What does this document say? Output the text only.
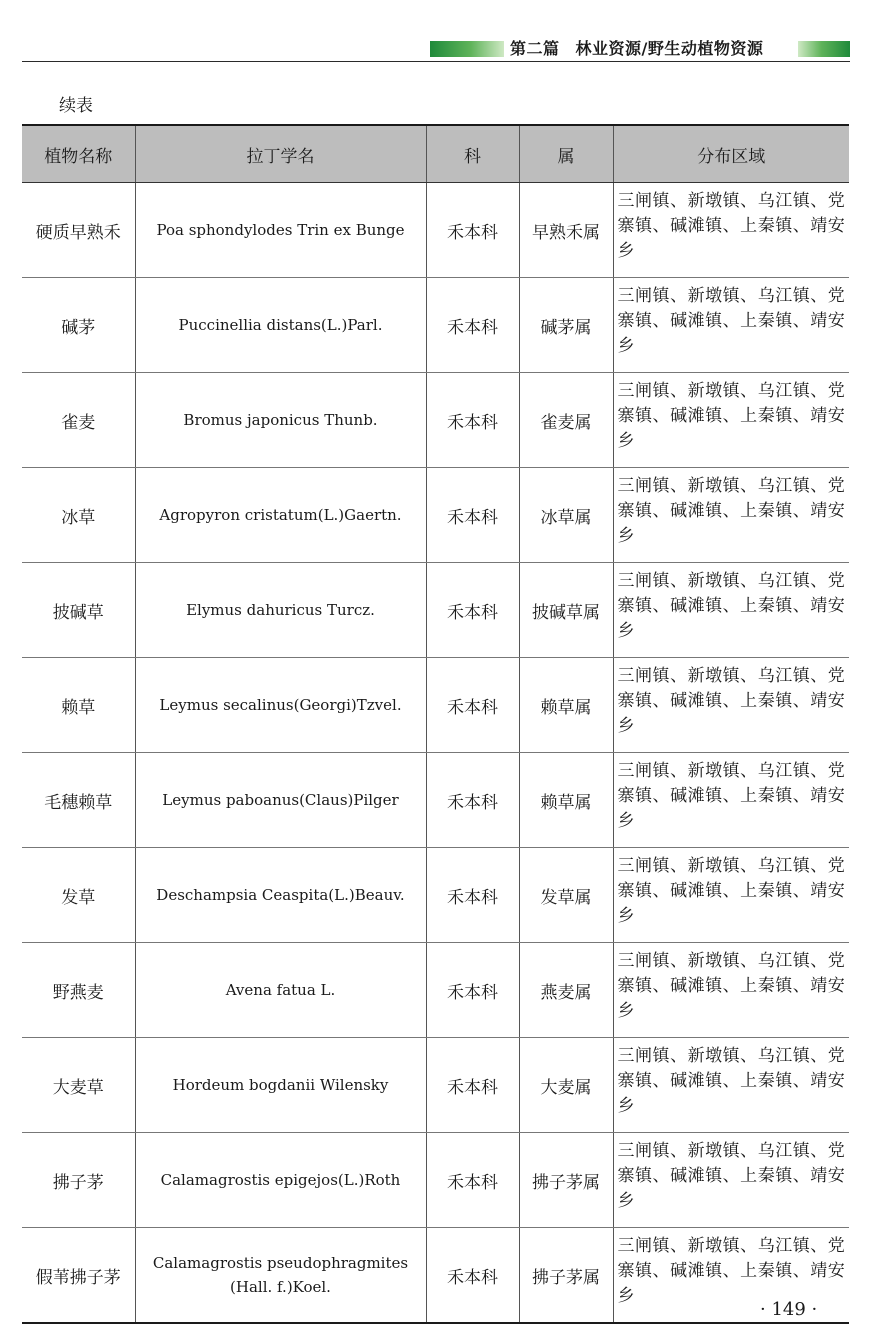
第二篇 林业资源/野生动植物资源
续表
植物名称	拉丁学名	科	属	分布区域
硬质早熟禾	Poa sphondylodes Trin ex Bunge	禾本科	早熟禾属	三闸镇、新墩镇、乌江镇、党寨镇、碱滩镇、上秦镇、靖安乡
碱茅	Puccinellia distans(L.)Parl.	禾本科	碱茅属	三闸镇、新墩镇、乌江镇、党寨镇、碱滩镇、上秦镇、靖安乡
雀麦	Bromus japonicus Thunb.	禾本科	雀麦属	三闸镇、新墩镇、乌江镇、党寨镇、碱滩镇、上秦镇、靖安乡
冰草	Agropyron cristatum(L.)Gaertn.	禾本科	冰草属	三闸镇、新墩镇、乌江镇、党寨镇、碱滩镇、上秦镇、靖安乡
披碱草	Elymus dahuricus Turcz.	禾本科	披碱草属	三闸镇、新墩镇、乌江镇、党寨镇、碱滩镇、上秦镇、靖安乡
赖草	Leymus secalinus(Georgi)Tzvel.	禾本科	赖草属	三闸镇、新墩镇、乌江镇、党寨镇、碱滩镇、上秦镇、靖安乡
毛穗赖草	Leymus paboanus(Claus)Pilger	禾本科	赖草属	三闸镇、新墩镇、乌江镇、党寨镇、碱滩镇、上秦镇、靖安乡
发草	Deschampsia Ceaspita(L.)Beauv.	禾本科	发草属	三闸镇、新墩镇、乌江镇、党寨镇、碱滩镇、上秦镇、靖安乡
野燕麦	Avena fatua L.	禾本科	燕麦属	三闸镇、新墩镇、乌江镇、党寨镇、碱滩镇、上秦镇、靖安乡
大麦草	Hordeum bogdanii Wilensky	禾本科	大麦属	三闸镇、新墩镇、乌江镇、党寨镇、碱滩镇、上秦镇、靖安乡
拂子茅	Calamagrostis epigejos(L.)Roth	禾本科	拂子茅属	三闸镇、新墩镇、乌江镇、党寨镇、碱滩镇、上秦镇、靖安乡
假苇拂子茅	Calamagrostis pseudophragmites (Hall. f.)Koel.	禾本科	拂子茅属	三闸镇、新墩镇、乌江镇、党寨镇、碱滩镇、上秦镇、靖安乡
· 149 ·
